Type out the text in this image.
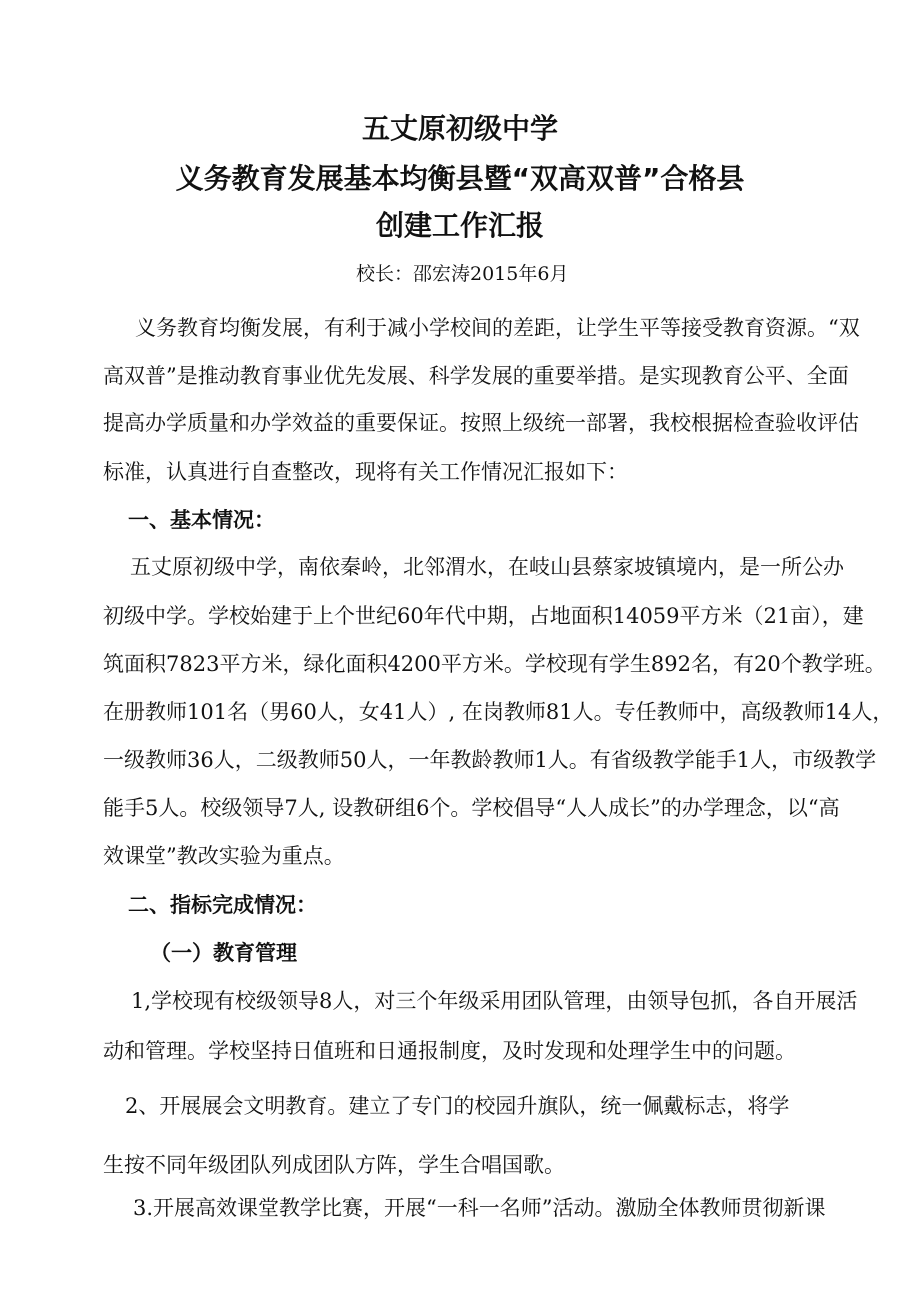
五丈原初级中学
义务教育发展基本均衡县暨“双高双普”合格县
创建工作汇报

校长：邵宏涛2015年6月

义务教育均衡发展，有利于减小学校间的差距，让学生平等接受教育资源。“双

高双普”是推动教育事业优先发展、科学发展的重要举措。是实现教育公平、全面

提高办学质量和办学效益的重要保证。按照上级统一部署，我校根据检查验收评估

标准，认真进行自查整改，现将有关工作情况汇报如下：

一、基本情况：

五丈原初级中学，南依秦岭，北邻渭水，在岐山县蔡家坡镇境内，是一所公办

初级中学。学校始建于上个世纪60年代中期，占地面积14059平方米（21亩），建

筑面积7823平方米，绿化面积4200平方米。学校现有学生892名，有20个教学班。

在册教师101名（男60人，女41人）, 在岗教师81人。专任教师中，高级教师14人，

一级教师36人，二级教师50人，一年教龄教师1人。有省级教学能手1人，市级教学

能手5人。校级领导7人, 设教研组6个。学校倡导“人人成长”的办学理念，以“高

效课堂”教改实验为重点。

二、指标完成情况：
（一）教育管理

1,学校现有校级领导8人，对三个年级采用团队管理，由领导包抓，各自开展活

动和管理。学校坚持日值班和日通报制度，及时发现和处理学生中的问题。

2、开展展会文明教育。建立了专门的校园升旗队，统一佩戴标志，将学

生按不同年级团队列成团队方阵，学生合唱国歌。

3.开展高效课堂教学比赛，开展“一科一名师”活动。激励全体教师贯彻新课
